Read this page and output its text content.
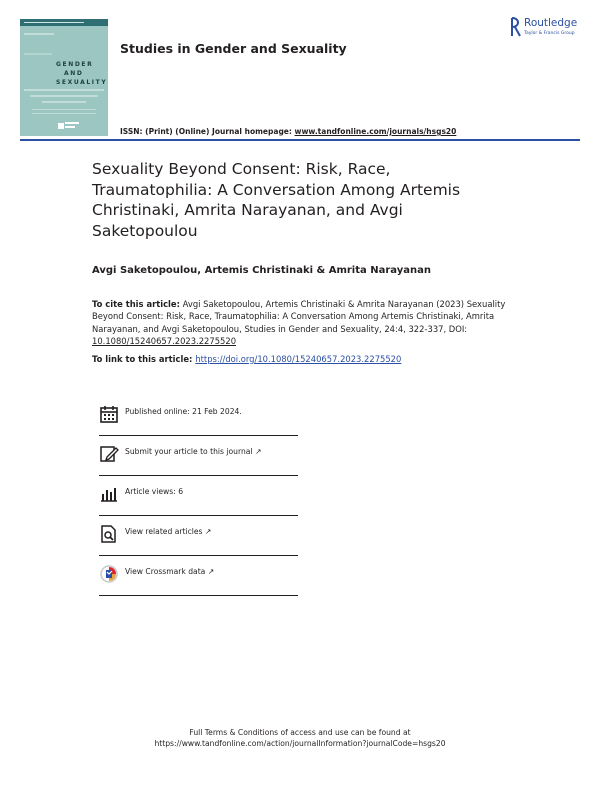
GENDER
AND
SEXUALITY
Studies in Gender and Sexuality
Routledge
Taylor & Francis Group
ISSN: (Print) (Online) Journal homepage: www.tandfonline.com/journals/hsgs20
Sexuality Beyond Consent: Risk, Race, Traumatophilia: A Conversation Among Artemis Christinaki, Amrita Narayanan, and Avgi Saketopoulou
Avgi Saketopoulou, Artemis Christinaki & Amrita Narayanan
To cite this article: Avgi Saketopoulou, Artemis Christinaki & Amrita Narayanan (2023) Sexuality Beyond Consent: Risk, Race, Traumatophilia: A Conversation Among Artemis Christinaki, Amrita Narayanan, and Avgi Saketopoulou, Studies in Gender and Sexuality, 24:4, 322-337, DOI: 10.1080/15240657.2023.2275520
To link to this article: https://doi.org/10.1080/15240657.2023.2275520
Published online: 21 Feb 2024.
Submit your article to this journal ↗
Article views: 6
View related articles ↗
View Crossmark data ↗
Full Terms & Conditions of access and use can be found at
https://www.tandfonline.com/action/journalInformation?journalCode=hsgs20
